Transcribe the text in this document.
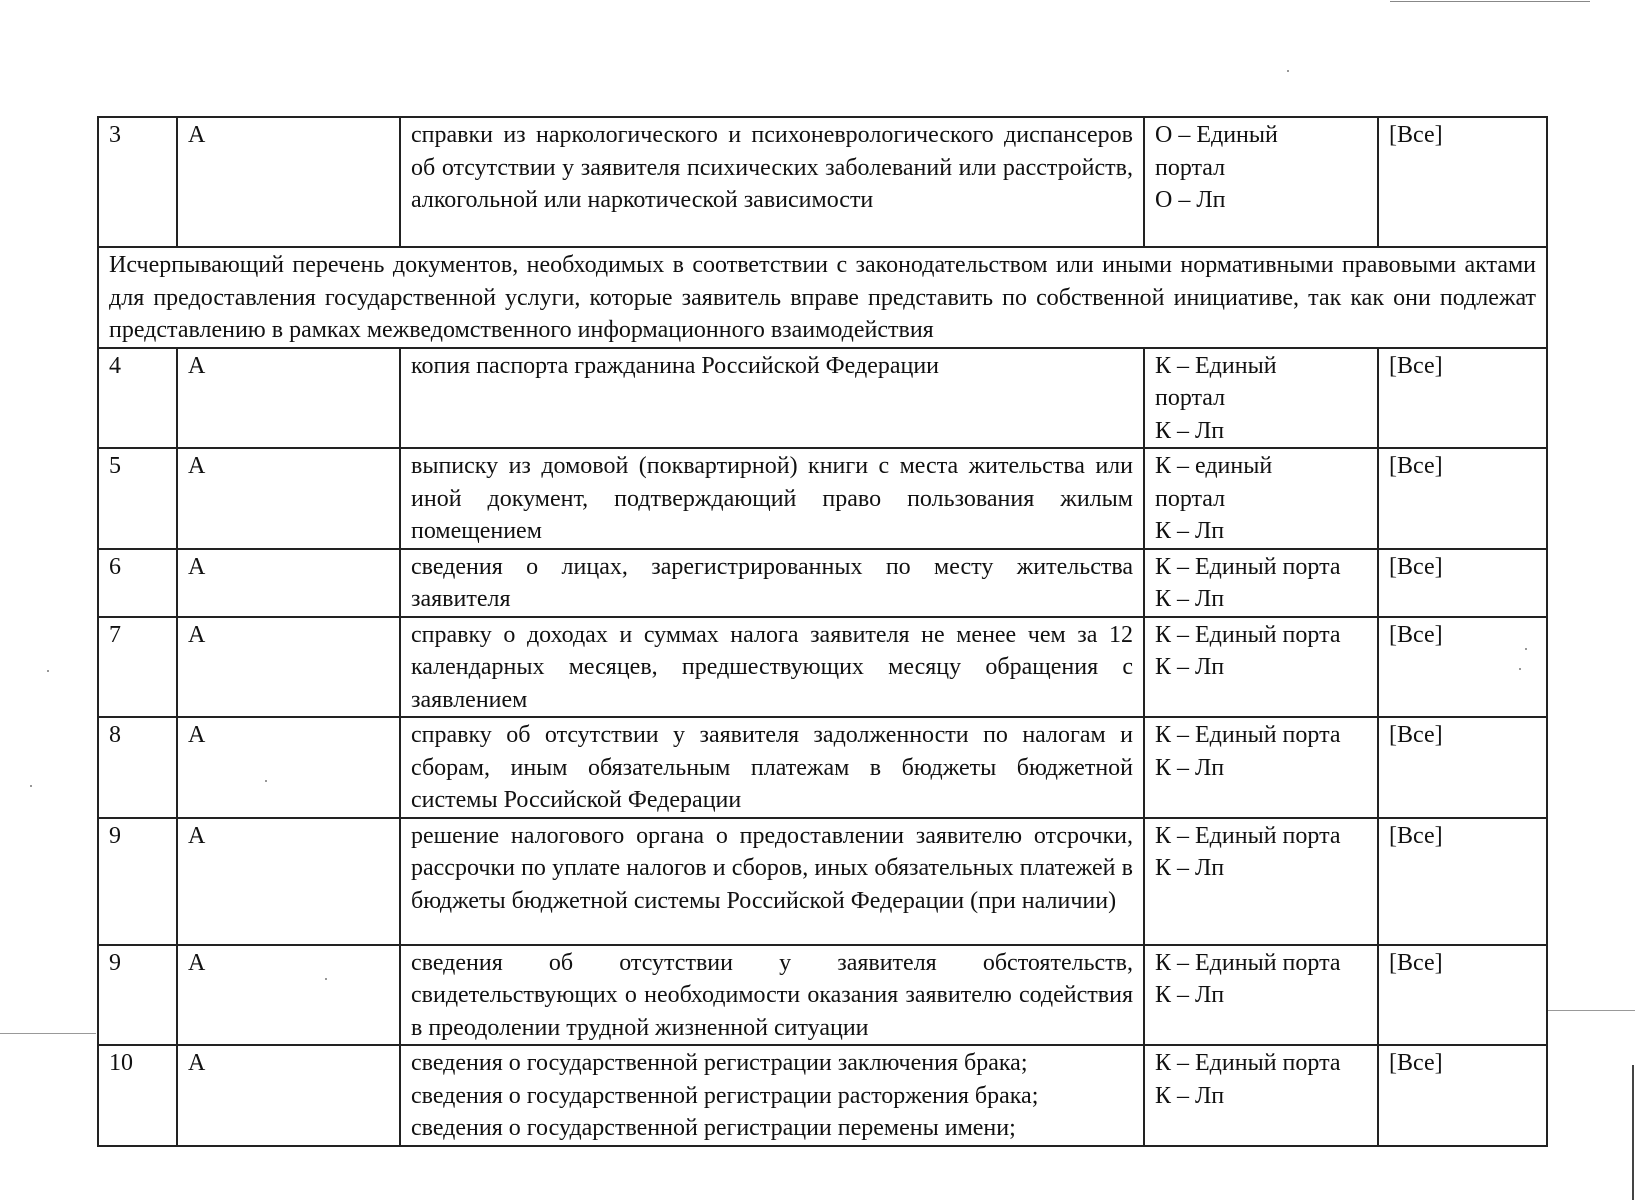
3	А	справки из наркологического и психоневрологического диспансеров об отсутствии у заявителя психических заболеваний или расстройств, алкогольной или наркотической зависимости	О – Единый
портал
О – Лп	[Все]
Исчерпывающий перечень документов, необходимых в соответствии с законодательством или иными нормативными правовыми актами для предоставления государственной услуги, которые заявитель вправе представить по собственной инициативе, так как они подлежат представлению в рамках межведомственного информационного взаимодействия				
4	А	копия паспорта гражданина Российской Федерации	К – Единый
портал
К – Лп	[Все]
5	А	выписку из домовой (поквартирной) книги с места жительства или иной документ, подтверждающий право пользования жилым помещением	К – единый
портал
К – Лп	[Все]
6	А	сведения о лицах, зарегистрированных по месту жительства заявителя	К – Единый порта
К – Лп	[Все]
7	А	справку о доходах и суммах налога заявителя не менее чем за 12 календарных месяцев, предшествующих месяцу обращения с заявлением	К – Единый порта
К – Лп	[Все]
8	А	справку об отсутствии у заявителя задолженности по налогам и сборам, иным обязательным платежам в бюджеты бюджетной системы Российской Федерации	К – Единый порта
К – Лп	[Все]
9	А	решение налогового органа о предоставлении заявителю отсрочки, рассрочки по уплате налогов и сборов, иных обязательных платежей в бюджеты бюджетной системы Российской Федерации (при наличии)	К – Единый порта
К – Лп	[Все]
9	А	сведения об отсутствии у заявителя обстоятельств, свидетельствующих о необходимости оказания заявителю содействия в преодолении трудной жизненной ситуации	К – Единый порта
К – Лп	[Все]
10	А	сведения о государственной регистрации заключения брака;
сведения о государственной регистрации расторжения брака;
сведения о государственной регистрации перемены имени;	К – Единый порта
К – Лп	[Все]
